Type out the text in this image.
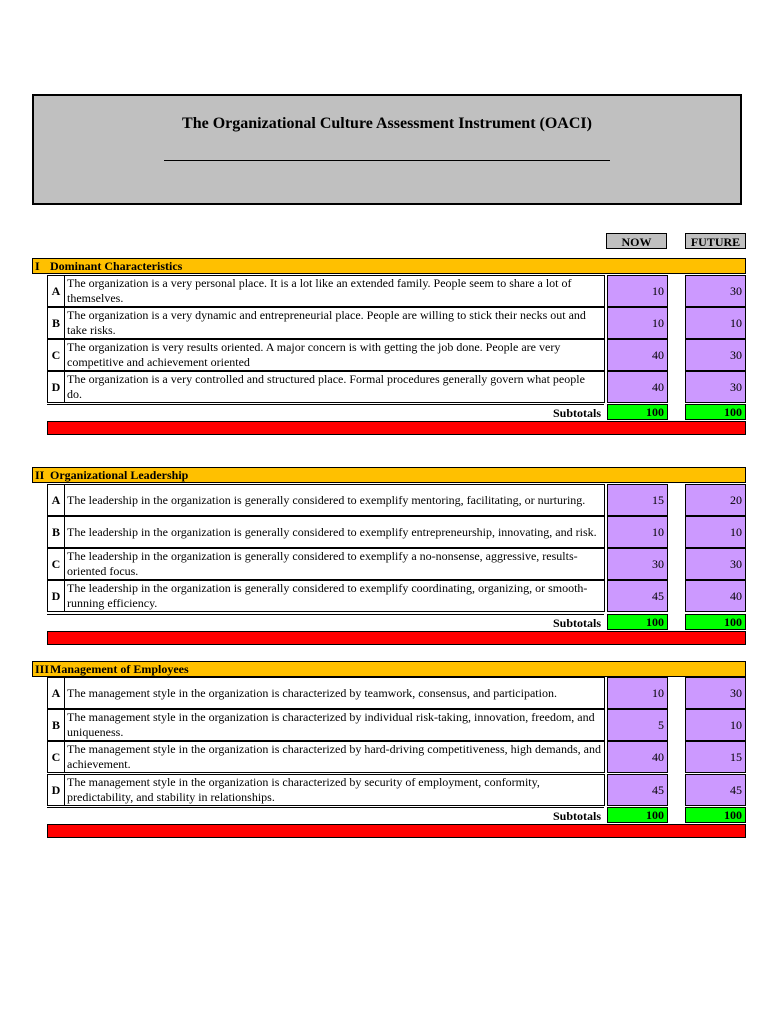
The Organizational Culture Assessment Instrument (OACI)
NOW	FUTURE
I Dominant Characteristics
A
The organization is a very personal place. It is a lot like an extended family. People seem to share a lot of themselves.
10	30
B
The organization is a very dynamic and entrepreneurial place. People are willing to stick their necks out and take risks.
10	10
C
The organization is very results oriented. A major concern is with getting the job done. People are very competitive and achievement oriented
40	30
D
The organization is a very controlled and structured place. Formal procedures generally govern what people do.
40	30
Subtotals	100	100
II Organizational Leadership
A The leadership in the organization is generally considered to exemplify mentoring, facilitating, or nurturing.	15	20
B The leadership in the organization is generally considered to exemplify entrepreneurship, innovating, and risk.	10	10
C
The leadership in the organization is generally considered to exemplify a no-nonsense, aggressive, results-oriented focus.
30	30
D
The leadership in the organization is generally considered to exemplify coordinating, organizing, or smooth-running efficiency.
45	40
Subtotals	100	100
III Management of Employees
A The management style in the organization is characterized by teamwork, consensus, and participation.	10	30
B
The management style in the organization is characterized by individual risk-taking, innovation, freedom, and uniqueness.
5	10
C
The management style in the organization is characterized by hard-driving competitiveness, high demands, and achievement.
40	15
D
The management style in the organization is characterized by security of employment, conformity, predictability, and stability in relationships.
45	45
Subtotals	100	100
